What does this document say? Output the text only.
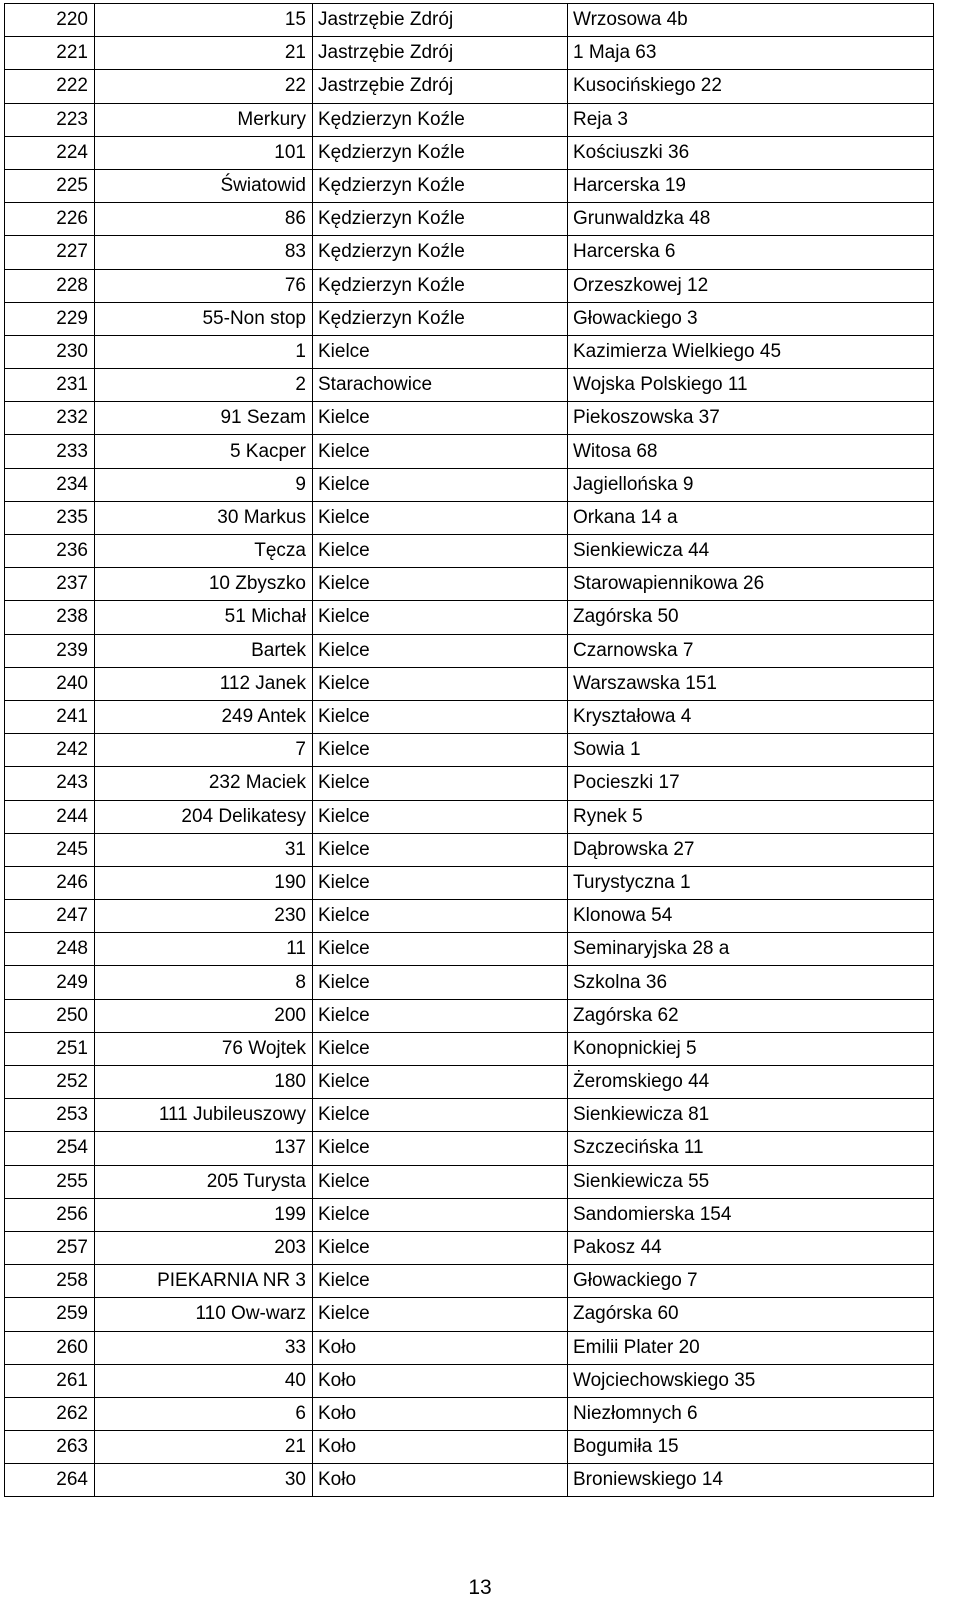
220	15	Jastrzębie Zdrój	Wrzosowa 4b
221	21	Jastrzębie Zdrój	1 Maja 63
222	22	Jastrzębie Zdrój	Kusocińskiego 22
223	Merkury	Kędzierzyn Koźle	Reja 3
224	101	Kędzierzyn Koźle	Kościuszki 36
225	Światowid	Kędzierzyn Koźle	Harcerska 19
226	86	Kędzierzyn Koźle	Grunwaldzka 48
227	83	Kędzierzyn Koźle	Harcerska 6
228	76	Kędzierzyn Koźle	Orzeszkowej 12
229	55-Non stop	Kędzierzyn Koźle	Głowackiego 3
230	1	Kielce	Kazimierza Wielkiego 45
231	2	Starachowice	Wojska Polskiego 11
232	91 Sezam	Kielce	Piekoszowska 37
233	5 Kacper	Kielce	Witosa 68
234	9	Kielce	Jagiellońska 9
235	30 Markus	Kielce	Orkana 14 a
236	Tęcza	Kielce	Sienkiewicza 44
237	10 Zbyszko	Kielce	Starowapiennikowa 26
238	51 Michał	Kielce	Zagórska 50
239	Bartek	Kielce	Czarnowska 7
240	112 Janek	Kielce	Warszawska 151
241	249 Antek	Kielce	Kryształowa 4
242	7	Kielce	Sowia 1
243	232 Maciek	Kielce	Pocieszki 17
244	204 Delikatesy	Kielce	Rynek 5
245	31	Kielce	Dąbrowska 27
246	190	Kielce	Turystyczna 1
247	230	Kielce	Klonowa 54
248	11	Kielce	Seminaryjska 28 a
249	8	Kielce	Szkolna 36
250	200	Kielce	Zagórska 62
251	76 Wojtek	Kielce	Konopnickiej 5
252	180	Kielce	Żeromskiego 44
253	111 Jubileuszowy	Kielce	Sienkiewicza 81
254	137	Kielce	Szczecińska 11
255	205 Turysta	Kielce	Sienkiewicza 55
256	199	Kielce	Sandomierska 154
257	203	Kielce	Pakosz 44
258	PIEKARNIA NR 3	Kielce	Głowackiego 7
259	110 Ow-warz	Kielce	Zagórska 60
260	33	Koło	Emilii Plater 20
261	40	Koło	Wojciechowskiego 35
262	6	Koło	Niezłomnych 6
263	21	Koło	Bogumiła 15
264	30	Koło	Broniewskiego 14
13
